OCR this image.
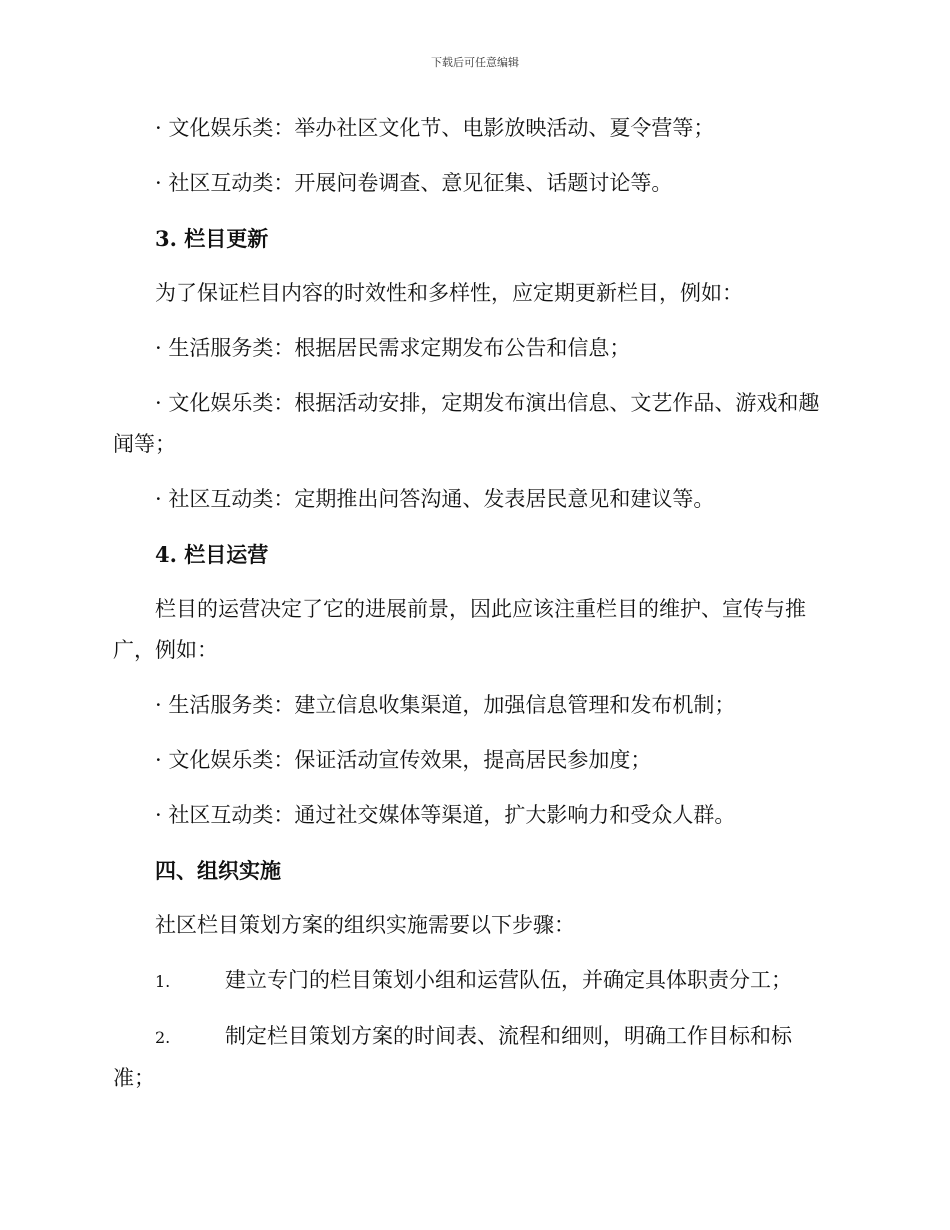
下载后可任意编辑

· 文化娱乐类：举办社区文化节、电影放映活动、夏令营等；

· 社区互动类：开展问卷调查、意见征集、话题讨论等。

3. 栏目更新

为了保证栏目内容的时效性和多样性，应定期更新栏目，例如：

· 生活服务类：根据居民需求定期发布公告和信息；

· 文化娱乐类：根据活动安排，定期发布演出信息、文艺作品、游戏和趣闻等；

· 社区互动类：定期推出问答沟通、发表居民意见和建议等。

4. 栏目运营

栏目的运营决定了它的进展前景，因此应该注重栏目的维护、宣传与推广，例如：

· 生活服务类：建立信息收集渠道，加强信息管理和发布机制；

· 文化娱乐类：保证活动宣传效果，提高居民参加度；

· 社区互动类：通过社交媒体等渠道，扩大影响力和受众人群。

四、组织实施

社区栏目策划方案的组织实施需要以下步骤：

1.	建立专门的栏目策划小组和运营队伍，并确定具体职责分工；

2.	制定栏目策划方案的时间表、流程和细则，明确工作目标和标准；
